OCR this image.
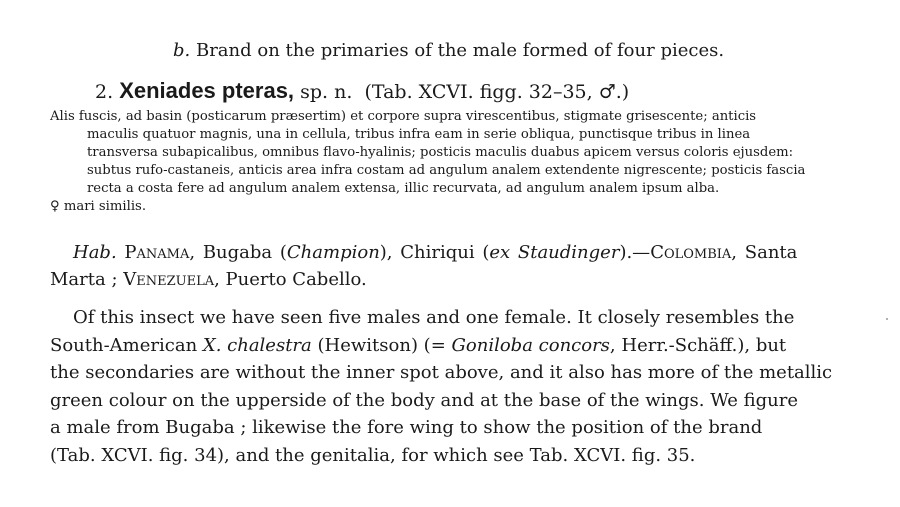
b. Brand on the primaries of the male formed of four pieces.
2. Xeniades pteras, sp. n. (Tab. XCVI. figg. 32–35, ♂.)
Alis fuscis, ad basin (posticarum præsertim) et corpore supra virescentibus, stigmate grisescente; anticis
maculis quatuor magnis, una in cellula, tribus infra eam in serie obliqua, punctisque tribus in linea
transversa subapicalibus, omnibus flavo-hyalinis; posticis maculis duabus apicem versus coloris ejusdem:
subtus rufo-castaneis, anticis area infra costam ad angulum analem extendente nigrescente; posticis fascia
recta a costa fere ad angulum analem extensa, illic recurvata, ad angulum analem ipsum alba.
♀ mari similis.
Hab. Panama, Bugaba (Champion), Chiriqui (ex Staudinger).—Colombia, Santa
Marta ; Venezuela, Puerto Cabello.
Of this insect we have seen five males and one female. It closely resembles the
South-American X. chalestra (Hewitson) (= Goniloba concors, Herr.-Schäff.), but
the secondaries are without the inner spot above, and it also has more of the metallic
green colour on the upperside of the body and at the base of the wings. We figure
a male from Bugaba ; likewise the fore wing to show the position of the brand
(Tab. XCVI. fig. 34), and the genitalia, for which see Tab. XCVI. fig. 35.
